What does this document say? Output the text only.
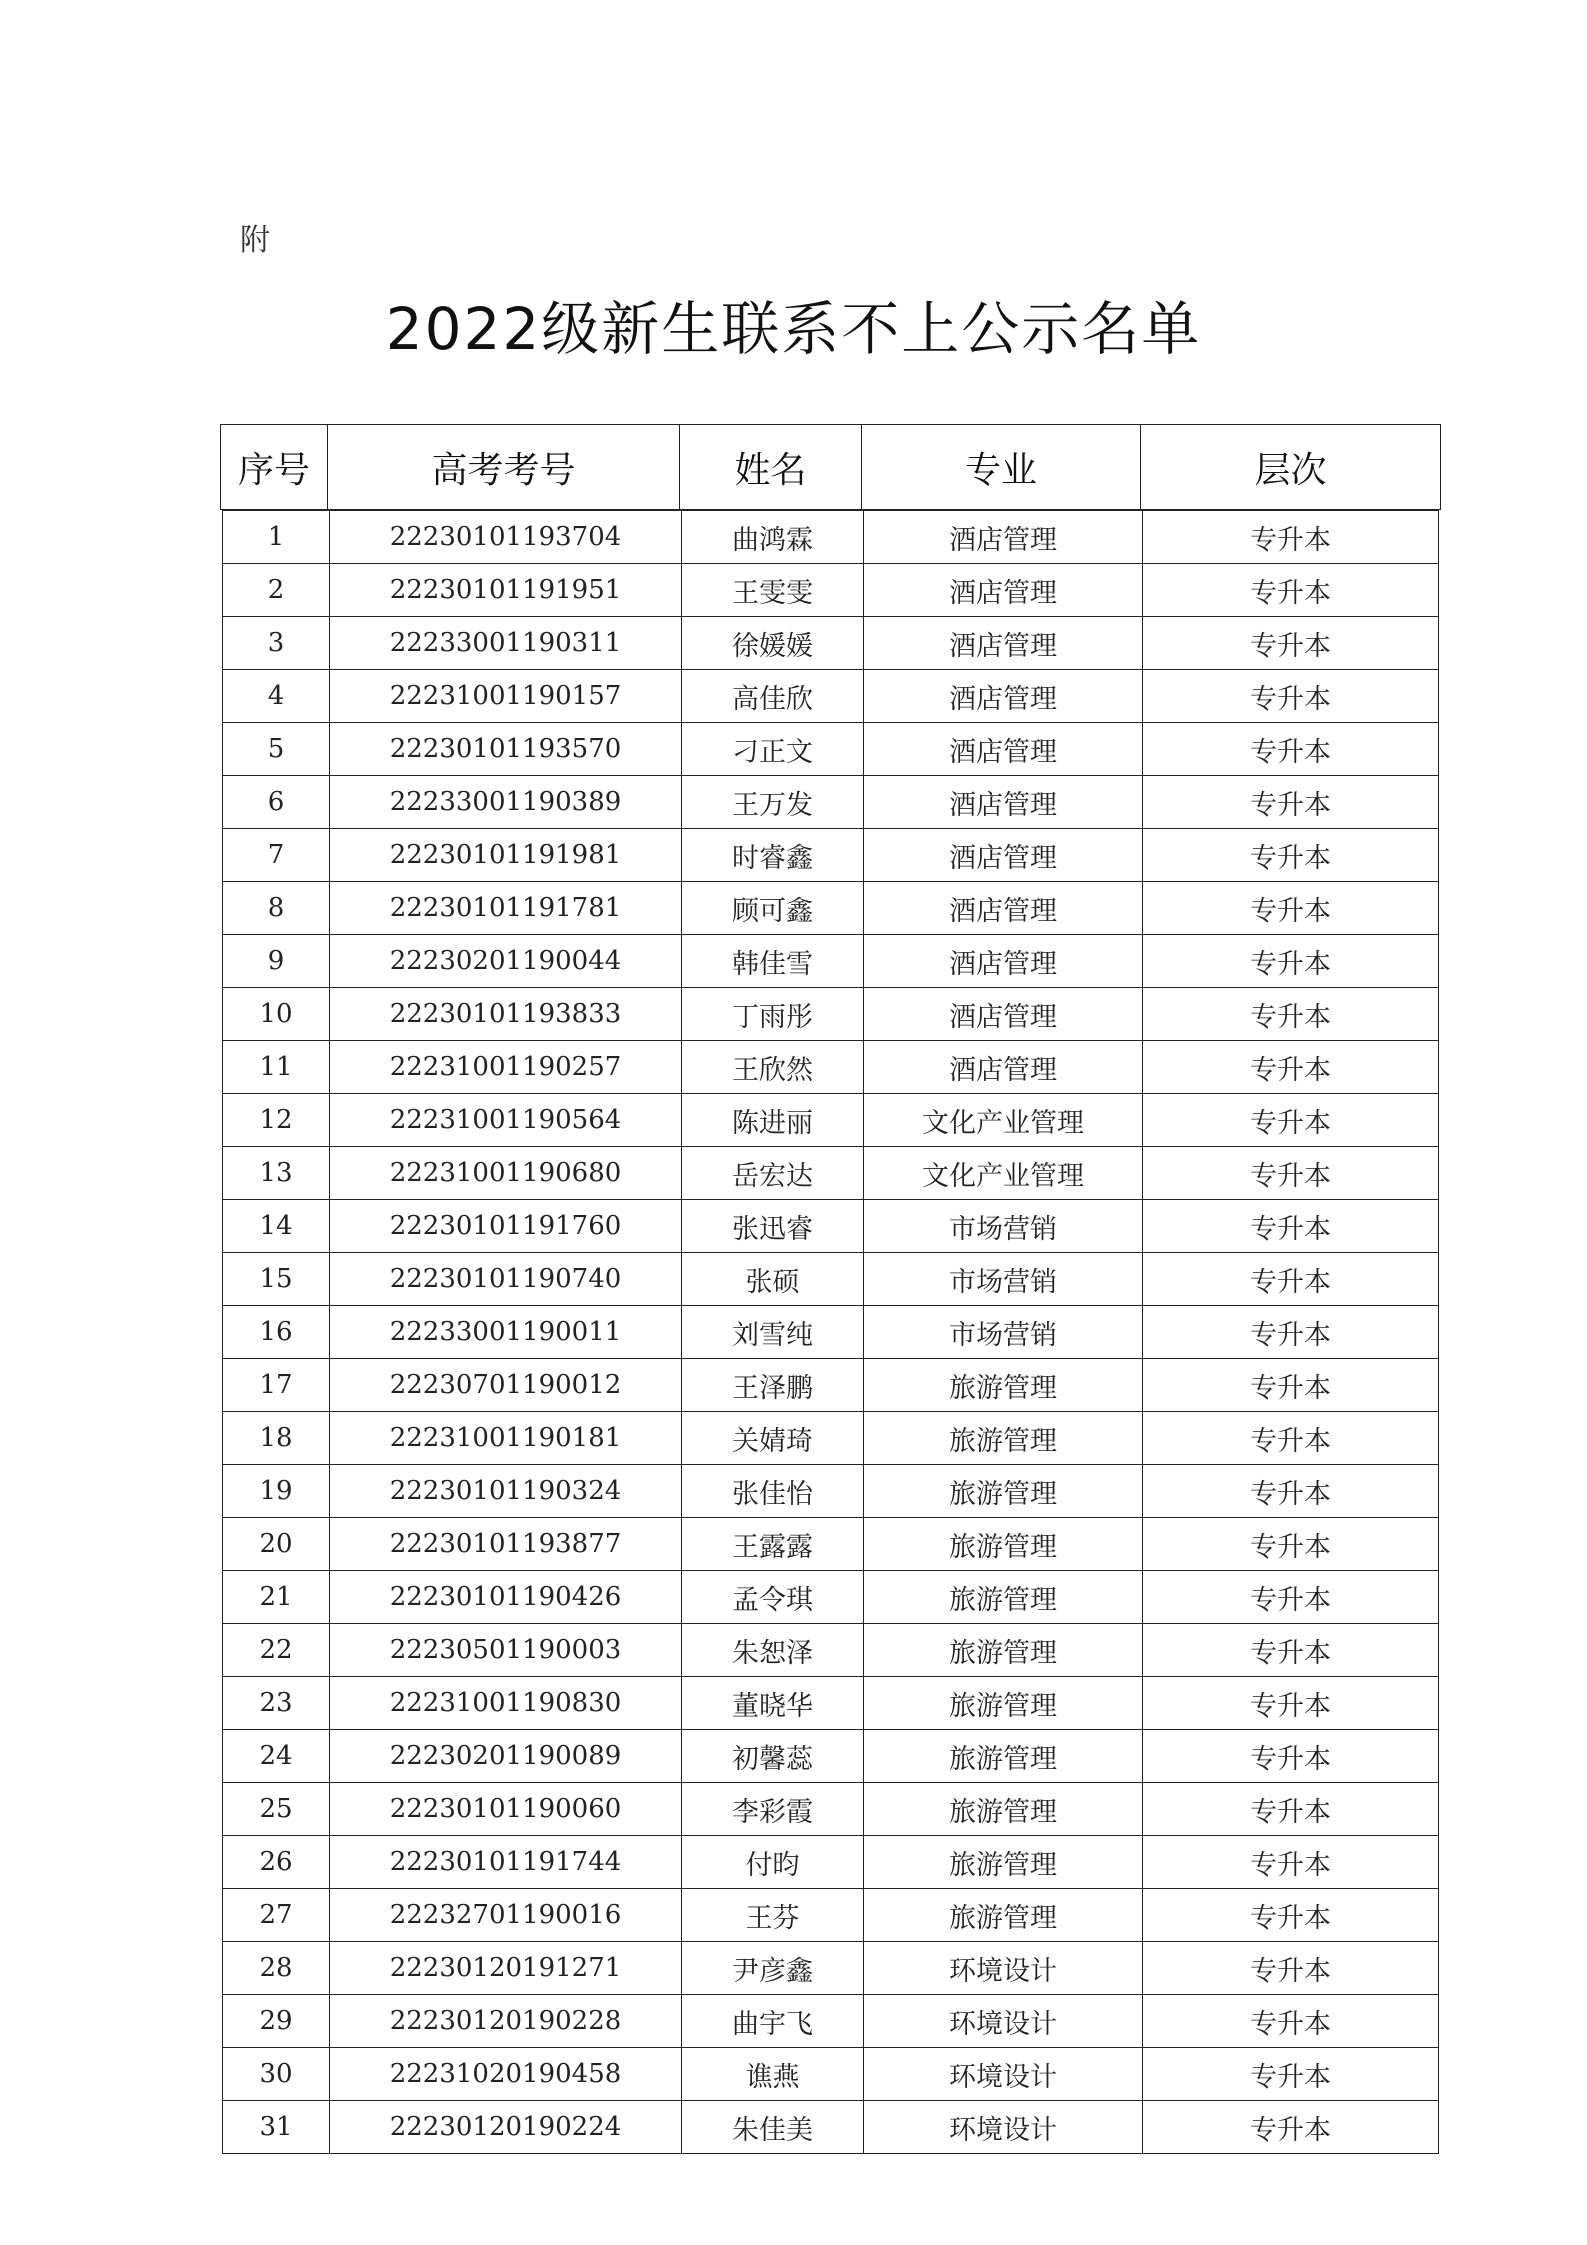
附
2022级新生联系不上公示名单
序号	高考考号	姓名	专业	层次
1	22230101193704	曲鸿霖	酒店管理	专升本
2	22230101191951	王雯雯	酒店管理	专升本
3	22233001190311	徐媛媛	酒店管理	专升本
4	22231001190157	高佳欣	酒店管理	专升本
5	22230101193570	刁正文	酒店管理	专升本
6	22233001190389	王万发	酒店管理	专升本
7	22230101191981	时睿鑫	酒店管理	专升本
8	22230101191781	顾可鑫	酒店管理	专升本
9	22230201190044	韩佳雪	酒店管理	专升本
10	22230101193833	丁雨彤	酒店管理	专升本
11	22231001190257	王欣然	酒店管理	专升本
12	22231001190564	陈进丽	文化产业管理	专升本
13	22231001190680	岳宏达	文化产业管理	专升本
14	22230101191760	张迅睿	市场营销	专升本
15	22230101190740	张硕	市场营销	专升本
16	22233001190011	刘雪纯	市场营销	专升本
17	22230701190012	王泽鹏	旅游管理	专升本
18	22231001190181	关婧琦	旅游管理	专升本
19	22230101190324	张佳怡	旅游管理	专升本
20	22230101193877	王露露	旅游管理	专升本
21	22230101190426	孟令琪	旅游管理	专升本
22	22230501190003	朱恕泽	旅游管理	专升本
23	22231001190830	董晓华	旅游管理	专升本
24	22230201190089	初馨蕊	旅游管理	专升本
25	22230101190060	李彩霞	旅游管理	专升本
26	22230101191744	付昀	旅游管理	专升本
27	22232701190016	王芬	旅游管理	专升本
28	22230120191271	尹彦鑫	环境设计	专升本
29	22230120190228	曲宇飞	环境设计	专升本
30	22231020190458	谯燕	环境设计	专升本
31	22230120190224	朱佳美	环境设计	专升本
